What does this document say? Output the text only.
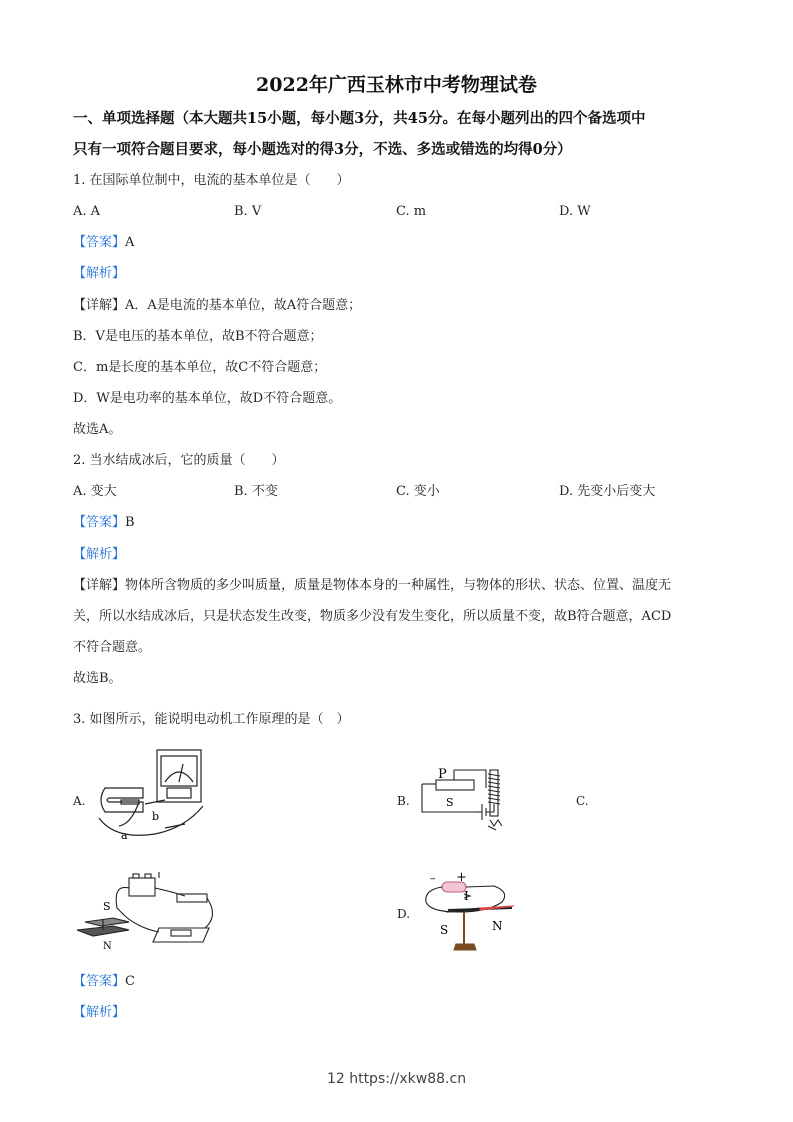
2022年广西玉林市中考物理试卷
一、单项选择题（本大题共15小题，每小题3分，共45分。在每小题列出的四个备选项中
只有一项符合题目要求，每小题选对的得3分，不选、多选或错选的均得0分）
1. 在国际单位制中，电流的基本单位是（　　）
A. A	B. V	C. m	D. W
【答案】A
【解析】
【详解】A．A是电流的基本单位，故A符合题意；
B．V是电压的基本单位，故B不符合题意；
C．m是长度的基本单位，故C不符合题意；
D．W是电功率的基本单位，故D不符合题意。
故选A。
2. 当水结成冰后，它的质量（　　）
A. 变大	B. 不变	C. 变小	D. 先变小后变大
【答案】B
【解析】
【详解】物体所含物质的多少叫质量，质量是物体本身的一种属性，与物体的形状、状态、位置、温度无
关，所以水结成冰后，只是状态发生改变，物质多少没有发生变化，所以质量不变，故B符合题意，ACD
不符合题意。
故选B。
3. 如图所示，能说明电动机工作原理的是（　）
A.	B.	C.
D.
b
a
P
S
S
N
– +
I
S	N
【答案】C
【解析】
12 https://xkw88.cn
